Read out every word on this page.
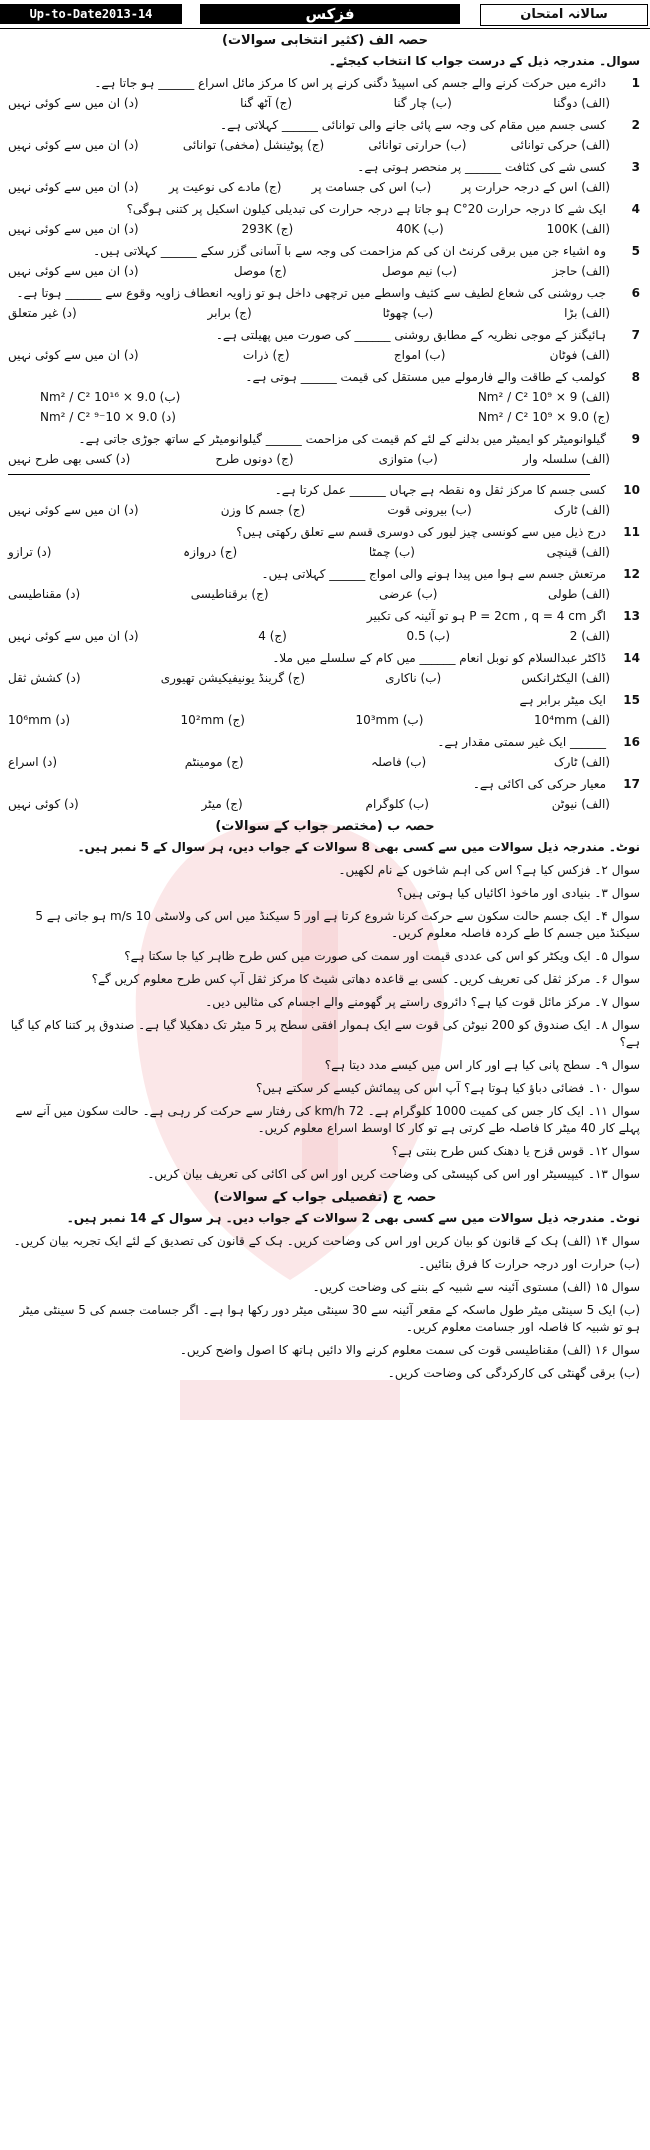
Up-to-Date2013-14	فزکس	سالانہ امتحان
حصہ الف (کثیر انتخابی سوالات)
سوال۔ مندرجہ ذیل کے درست جواب کا انتخاب کیجئے۔
1دائرے میں حرکت کرنے والے جسم کی اسپیڈ دگنی کرنے پر اس کا مرکز مائل اسراع ______ ہو جاتا ہے۔
(الف) دوگنا
(ب) چار گنا
(ج) آٹھ گنا
(د) ان میں سے کوئی نہیں
2کسی جسم میں مقام کی وجہ سے پائی جانے والی توانائی ______ کہلاتی ہے۔
(الف) حرکی توانائی
(ب) حرارتی توانائی
(ج) پوٹینشل (مخفی) توانائی
(د) ان میں سے کوئی نہیں
3کسی شے کی کثافت ______ پر منحصر ہوتی ہے۔
(الف) اس کے درجہ حرارت پر
(ب) اس کی جسامت پر
(ج) مادے کی نوعیت پر
(د) ان میں سے کوئی نہیں
4ایک شے کا درجہ حرارت 20°C ہو جاتا ہے درجہ حرارت کی تبدیلی کیلون اسکیل پر کتنی ہوگی؟
(الف) 100K
(ب) 40K
(ج) 293K
(د) ان میں سے کوئی نہیں
5وہ اشیاء جن میں برقی کرنٹ ان کی کم مزاحمت کی وجہ سے با آسانی گزر سکے ______ کہلاتی ہیں۔
(الف) حاجز
(ب) نیم موصل
(ج) موصل
(د) ان میں سے کوئی نہیں
6جب روشنی کی شعاع لطیف سے کثیف واسطے میں ترچھی داخل ہو تو زاویہ انعطاف زاویہ وقوع سے ______ ہوتا ہے۔
(الف) بڑا
(ب) چھوٹا
(ج) برابر
(د) غیر متعلق
7ہائیگنز کے موجی نظریہ کے مطابق روشنی ______ کی صورت میں پھیلتی ہے۔
(الف) فوٹان
(ب) امواج
(ج) ذرات
(د) ان میں سے کوئی نہیں
8کولمب کے طاقت والے فارمولے میں مستقل کی قیمت ______ ہوتی ہے۔
(الف) 9 × 10⁹ Nm² / C²
(ب) 9.0 × 10¹⁶ Nm² / C²
(ج) 9.0 × 10⁹ Nm² / C²
(د) 9.0 × 10⁻⁹ Nm² / C²
9گیلوانومیٹر کو ایمیٹر میں بدلنے کے لئے کم قیمت کی مزاحمت ______ گیلوانومیٹر کے ساتھ جوڑی جاتی ہے۔
(الف) سلسلہ وار
(ب) متوازی
(ج) دونوں طرح
(د) کسی بھی طرح نہیں
10کسی جسم کا مرکز ثقل وہ نقطہ ہے جہاں ______ عمل کرتا ہے۔
(الف) ٹارک
(ب) بیرونی قوت
(ج) جسم کا وزن
(د) ان میں سے کوئی نہیں
11درج ذیل میں سے کونسی چیز لیور کی دوسری قسم سے تعلق رکھتی ہیں؟
(الف) قینچی
(ب) چمٹا
(ج) دروازہ
(د) ترازو
12مرتعش جسم سے ہوا میں پیدا ہونے والی امواج ______ کہلاتی ہیں۔
(الف) طولی
(ب) عرضی
(ج) برقناطیسی
(د) مقناطیسی
13اگر P = 2cm , q = 4 cm ہو تو آئینہ کی تکبیر
(الف) 2
(ب) 0.5
(ج) 4
(د) ان میں سے کوئی نہیں
14ڈاکٹر عبدالسلام کو نوبل انعام ______ میں کام کے سلسلے میں ملا۔
(الف) الیکٹرانکس
(ب) ناکاری
(ج) گرینڈ یونیفیکیشن تھیوری
(د) کشش ثقل
15ایک میٹر برابر ہے
(الف) 10⁴mm
(ب) 10³mm
(ج) 10²mm
(د) 10⁶mm
16______ ایک غیر سمتی مقدار ہے۔
(الف) ٹارک
(ب) فاصلہ
(ج) مومینٹم
(د) اسراع
17معیار حرکی کی اکائی ہے۔
(الف) نیوٹن
(ب) کلوگرام
(ج) میٹر
(د) کوئی نہیں
حصہ ب (مختصر جواب کے سوالات)
نوٹ۔ مندرجہ ذیل سوالات میں سے کسی بھی 8 سوالات کے جواب دیں، ہر سوال کے 5 نمبر ہیں۔
سوال ۲۔ فزکس کیا ہے؟ اس کی اہم شاخوں کے نام لکھیں۔
سوال ۳۔ بنیادی اور ماخوذ اکائیاں کیا ہوتی ہیں؟
سوال ۴۔ ایک جسم حالت سکون سے حرکت کرنا شروع کرتا ہے اور 5 سیکنڈ میں اس کی ولاسٹی 10 m/s ہو جاتی ہے 5 سیکنڈ میں جسم کا طے کردہ فاصلہ معلوم کریں۔
سوال ۵۔ ایک ویکٹر کو اس کی عددی قیمت اور سمت کی صورت میں کس طرح ظاہر کیا جا سکتا ہے؟
سوال ۶۔ مرکز ثقل کی تعریف کریں۔ کسی بے قاعدہ دھاتی شیٹ کا مرکز ثقل آپ کس طرح معلوم کریں گے؟
سوال ۷۔ مرکز مائل قوت کیا ہے؟ دائروی راستے پر گھومنے والے اجسام کی مثالیں دیں۔
سوال ۸۔ ایک صندوق کو 200 نیوٹن کی قوت سے ایک ہموار افقی سطح پر 5 میٹر تک دھکیلا گیا ہے۔ صندوق پر کتنا کام کیا گیا ہے؟
سوال ۹۔ سطح پانی کیا ہے اور کار اس میں کیسے مدد دیتا ہے؟
سوال ۱۰۔ فضائی دباؤ کیا ہوتا ہے؟ آپ اس کی پیمائش کیسے کر سکتے ہیں؟
سوال ۱۱۔ ایک کار جس کی کمیت 1000 کلوگرام ہے۔ 72 km/h کی رفتار سے حرکت کر رہی ہے۔ حالت سکون میں آنے سے پہلے کار 40 میٹر کا فاصلہ طے کرتی ہے تو کار کا اوسط اسراع معلوم کریں۔
سوال ۱۲۔ قوس قزح یا دھنک کس طرح بنتی ہے؟
سوال ۱۳۔ کیپیسیٹر اور اس کی کپیسٹی کی وضاحت کریں اور اس کی اکائی کی تعریف بیان کریں۔
حصہ ج (تفصیلی جواب کے سوالات)
نوٹ۔ مندرجہ ذیل سوالات میں سے کسی بھی 2 سوالات کے جواب دیں۔ ہر سوال کے 14 نمبر ہیں۔
سوال ۱۴ (الف) ہک کے قانون کو بیان کریں اور اس کی وضاحت کریں۔ ہک کے قانون کی تصدیق کے لئے ایک تجربہ بیان کریں۔
(ب) حرارت اور درجہ حرارت کا فرق بتائیں۔
سوال ۱۵ (الف) مستوی آئینہ سے شبیہ کے بننے کی وضاحت کریں۔
(ب) ایک 5 سینٹی میٹر طول ماسکہ کے مقعر آئینہ سے 30 سینٹی میٹر دور رکھا ہوا ہے۔ اگر جسامت جسم کی 5 سینٹی میٹر ہو تو شبیہ کا فاصلہ اور جسامت معلوم کریں۔
سوال ۱۶ (الف) مقناطیسی قوت کی سمت معلوم کرنے والا دائیں ہاتھ کا اصول واضح کریں۔
(ب) برقی گھنٹی کی کارکردگی کی وضاحت کریں۔
